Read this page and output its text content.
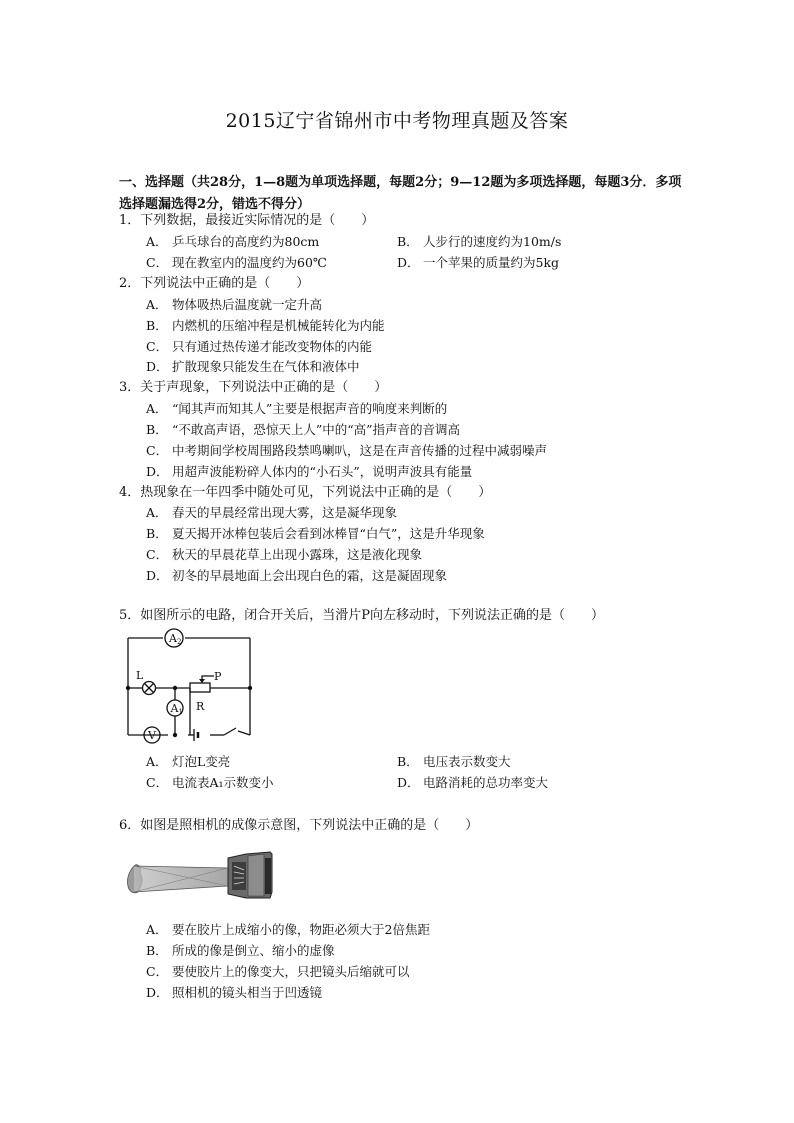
2015辽宁省锦州市中考物理真题及答案
一、选择题（共28分，1—8题为单项选择题，每题2分；9—12题为多项选择题，每题3分．多项选择题漏选得2分，错选不得分）
1．下列数据，最接近实际情况的是（　　）
A． 乒乓球台的高度约为80cm	B． 人步行的速度约为10m/s
C． 现在教室内的温度约为60℃	D． 一个苹果的质量约为5kg
2．下列说法中正确的是（　　）
A． 物体吸热后温度就一定升高
B． 内燃机的压缩冲程是机械能转化为内能
C． 只有通过热传递才能改变物体的内能
D． 扩散现象只能发生在气体和液体中
3．关于声现象，下列说法中正确的是（　　）
A． “闻其声而知其人”主要是根据声音的响度来判断的
B． “不敢高声语，恐惊天上人”中的“高”指声音的音调高
C． 中考期间学校周围路段禁鸣喇叭，这是在声音传播的过程中减弱噪声
D． 用超声波能粉碎人体内的“小石头”，说明声波具有能量
4．热现象在一年四季中随处可见，下列说法中正确的是（　　）
A． 春天的早晨经常出现大雾，这是凝华现象
B． 夏天揭开冰棒包装后会看到冰棒冒“白气”，这是升华现象
C． 秋天的早晨花草上出现小露珠，这是液化现象
D． 初冬的早晨地面上会出现白色的霜，这是凝固现象
5．如图所示的电路，闭合开关后，当滑片P向左移动时，下列说法正确的是（　　）
A2
A1
V
L	P
R
A． 灯泡L变亮	B． 电压表示数变大
C． 电流表A₁示数变小	D． 电路消耗的总功率变大
6．如图是照相机的成像示意图，下列说法中正确的是（　　）
A． 要在胶片上成缩小的像，物距必须大于2倍焦距
B． 所成的像是倒立、缩小的虚像
C． 要使胶片上的像变大，只把镜头后缩就可以
D． 照相机的镜头相当于凹透镜
